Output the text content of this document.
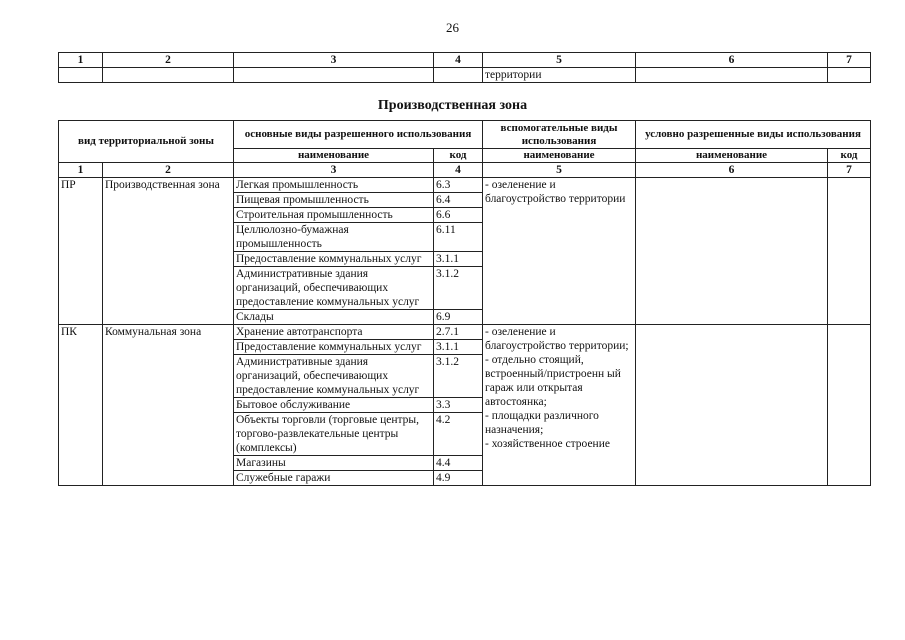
26
1	2	3	4	5	6	7
				территории		
Производственная зона
вид территориальной зоны		основные виды разрешенного использования		вспомогательные виды использования	условно разрешенные виды использования	
		наименование	код	наименование	наименование	код
1	2	3	4	5	6	7
ПР	Производственная зона	Легкая промышленность	6.3	- озеленение и благоустройство территории		
		Пищевая промышленность	6.4			
		Строительная промышленность	6.6			
		Целлюлозно-бумажная промышленность	6.11			
		Предоставление коммунальных услуг	3.1.1			
		Административные здания организаций, обеспечивающих предоставление коммунальных услуг	3.1.2			
		Склады	6.9			
ПК	Коммунальная зона	Хранение автотранспорта	2.7.1	- озеленение и благоустройство территории;
- отдельно стоящий, встроенный/пристроенн ый гараж или открытая автостоянка;
- площадки различного назначения;
- хозяйственное строение		
		Предоставление коммунальных услуг	3.1.1			
		Административные здания организаций, обеспечивающих предоставление коммунальных услуг	3.1.2			
		Бытовое обслуживание	3.3			
		Объекты торговли (торговые центры, торгово-развлекательные центры (комплексы)	4.2			
		Магазины	4.4			
		Служебные гаражи	4.9			
